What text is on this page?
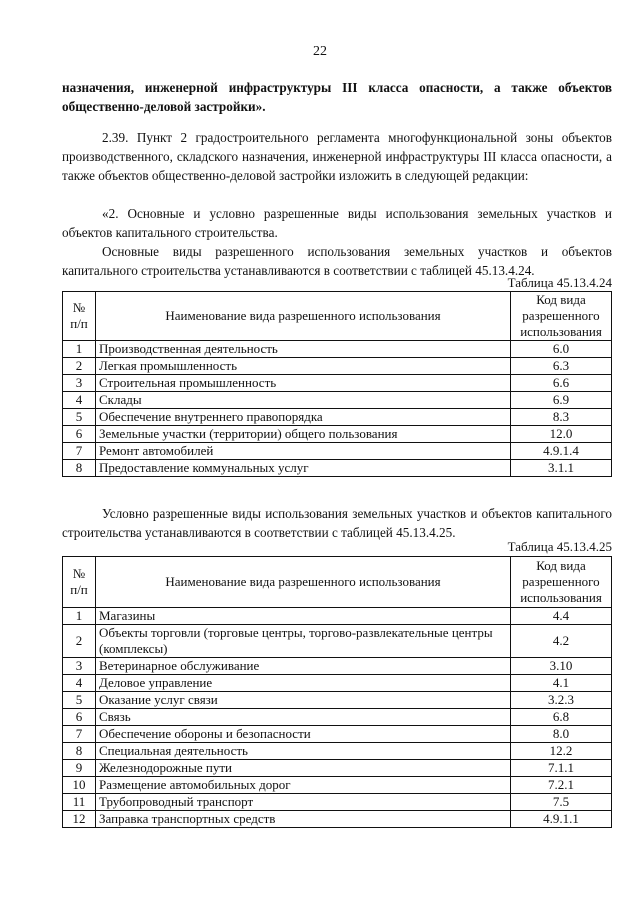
22

назначения, инженерной инфраструктуры III класса опасности, а также объектов общественно-деловой застройки».

2.39. Пункт 2 градостроительного регламента многофункциональной зоны объектов производственного, складского назначения, инженерной инфраструктуры III класса опасности, а также объектов общественно-деловой застройки изложить в следующей редакции:

«2. Основные и условно разрешенные виды использования земельных участков и объектов капитального строительства.

Основные виды разрешенного использования земельных участков и объектов капитального строительства устанавливаются в соответствии с таблицей 45.13.4.24.

Таблица 45.13.4.24
№ п/п	Наименование вида разрешенного использования	Код вида разрешенного использования
1	Производственная деятельность	6.0
2	Легкая промышленность	6.3
3	Строительная промышленность	6.6
4	Склады	6.9
5	Обеспечение внутреннего правопорядка	8.3
6	Земельные участки (территории) общего пользования	12.0
7	Ремонт автомобилей	4.9.1.4
8	Предоставление коммунальных услуг	3.1.1

Условно разрешенные виды использования земельных участков и объектов капитального строительства устанавливаются в соответствии с таблицей 45.13.4.25.

Таблица 45.13.4.25
№ п/п	Наименование вида разрешенного использования	Код вида разрешенного использования
1	Магазины	4.4
2	Объекты торговли (торговые центры, торгово-развлекательные центры (комплексы)	4.2
3	Ветеринарное обслуживание	3.10
4	Деловое управление	4.1
5	Оказание услуг связи	3.2.3
6	Связь	6.8
7	Обеспечение обороны и безопасности	8.0
8	Специальная деятельность	12.2
9	Железнодорожные пути	7.1.1
10	Размещение автомобильных дорог	7.2.1
11	Трубопроводный транспорт	7.5
12	Заправка транспортных средств	4.9.1.1
